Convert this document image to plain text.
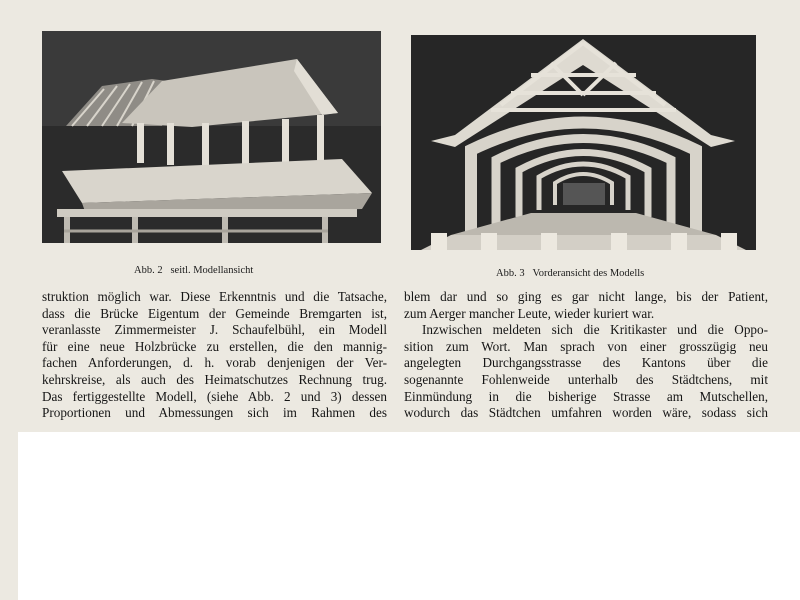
Abb. 2 seitl. Modellansicht	Abb. 3 Vorderansicht des Modells
struktion möglich war. Diese Erkenntnis und die Tatsache,
dass die Brücke Eigentum der Gemeinde Bremgarten ist,
veranlasste Zimmermeister J. Schaufelbühl, ein Modell
für eine neue Holzbrücke zu erstellen, die den mannig-
fachen Anforderungen, d. h. vorab denjenigen der Ver-
kehrskreise, als auch des Heimatschutzes Rechnung trug.
Das fertiggestellte Modell, (siehe Abb. 2 und 3) dessen
Proportionen und Abmessungen sich im Rahmen des
blem dar und so ging es gar nicht lange, bis der Patient,
zum Aerger mancher Leute, wieder kuriert war.
Inzwischen meldeten sich die Kritikaster und die Oppo-
sition zum Wort. Man sprach von einer grosszügig neu
angelegten Durchgangsstrasse des Kantons über die
sogenannte Fohlenweide unterhalb des Städtchens, mit
Einmündung in die bisherige Strasse am Mutschellen,
wodurch das Städtchen umfahren worden wäre, sodass sich
